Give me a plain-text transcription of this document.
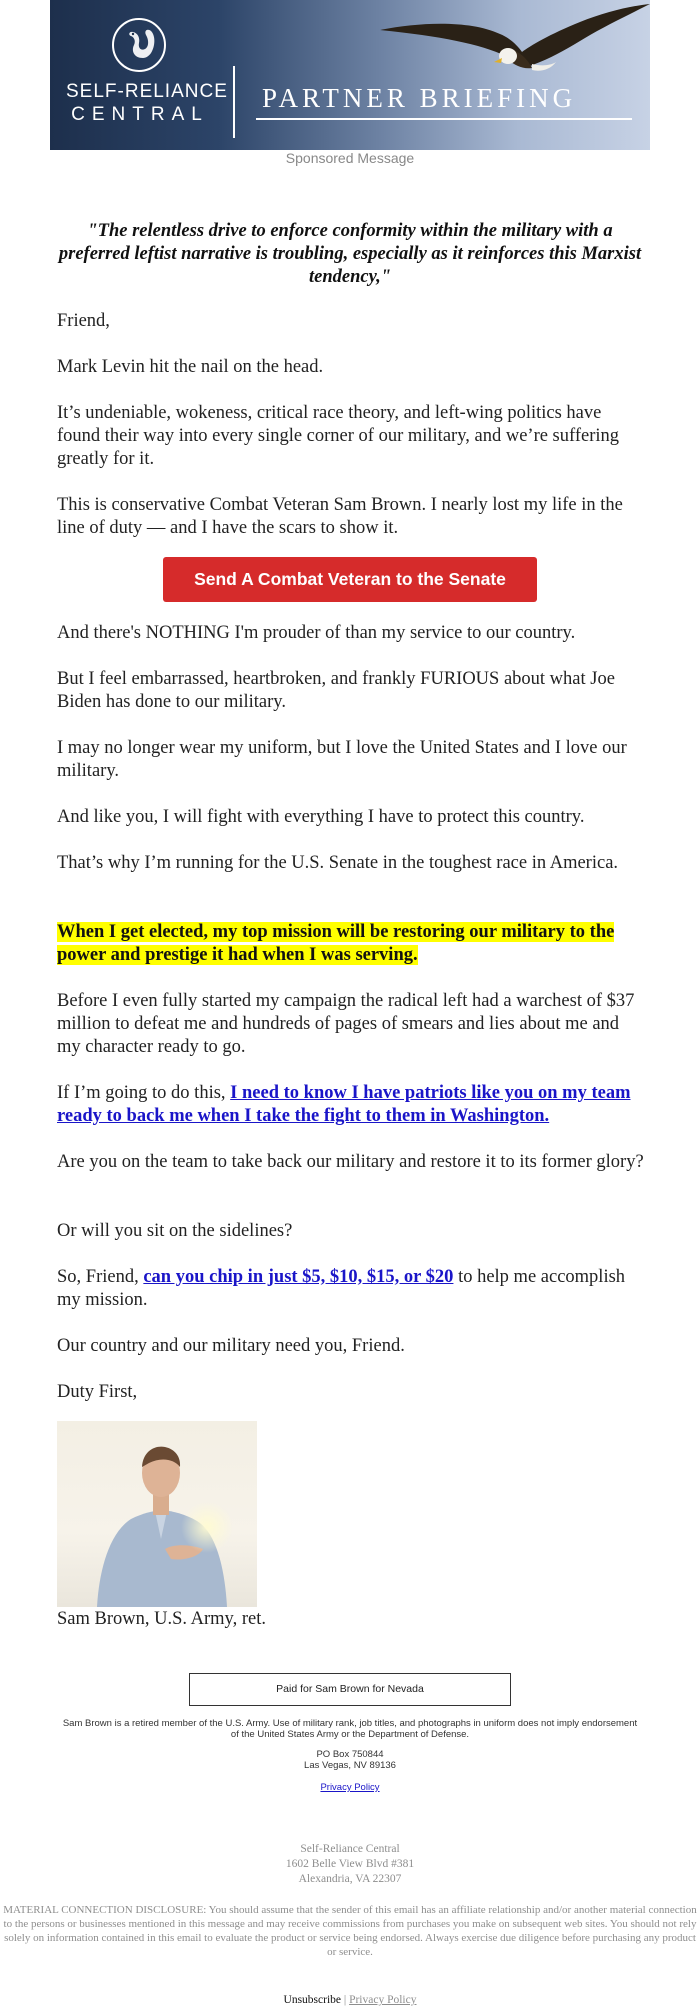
SELF-RELIANCE
CENTRAL
PARTNER BRIEFING
Sponsored Message
"The relentless drive to enforce conformity within the military with a preferred leftist narrative is troubling, especially as it reinforces this Marxist tendency,"
Friend,
Mark Levin hit the nail on the head.
It’s undeniable, wokeness, critical race theory, and left-wing politics have found their way into every single corner of our military, and we’re suffering greatly for it.
This is conservative Combat Veteran Sam Brown. I nearly lost my life in the line of duty — and I have the scars to show it.
Send A Combat Veteran to the Senate
And there's NOTHING I'm prouder of than my service to our country.
But I feel embarrassed, heartbroken, and frankly FURIOUS about what Joe Biden has done to our military.
I may no longer wear my uniform, but I love the United States and I love our military.
And like you, I will fight with everything I have to protect this country.
That’s why I’m running for the U.S. Senate in the toughest race in America.
When I get elected, my top mission will be restoring our military to the power and prestige it had when I was serving.
Before I even fully started my campaign the radical left had a warchest of $37 million to defeat me and hundreds of pages of smears and lies about me and my character ready to go.
If I’m going to do this, I need to know I have patriots like you on my team ready to back me when I take the fight to them in Washington.
Are you on the team to take back our military and restore it to its former glory?
Or will you sit on the sidelines?
So, Friend, can you chip in just $5, $10, $15, or $20 to help me accomplish my mission.
Our country and our military need you, Friend.
Duty First,
Sam Brown, U.S. Army, ret.
Paid for Sam Brown for Nevada
Sam Brown is a retired member of the U.S. Army. Use of military rank, job titles, and photographs in uniform does not imply endorsement of the United States Army or the Department of Defense.
PO Box 750844
Las Vegas, NV 89136
Privacy Policy
Self-Reliance Central
1602 Belle View Blvd #381
Alexandria, VA 22307
MATERIAL CONNECTION DISCLOSURE: You should assume that the sender of this email has an affiliate relationship and/or another material connection to the persons or businesses mentioned in this message and may receive commissions from purchases you make on subsequent web sites. You should not rely solely on information contained in this email to evaluate the product or service being endorsed. Always exercise due diligence before purchasing any product or service.
Unsubscribe | Privacy Policy
